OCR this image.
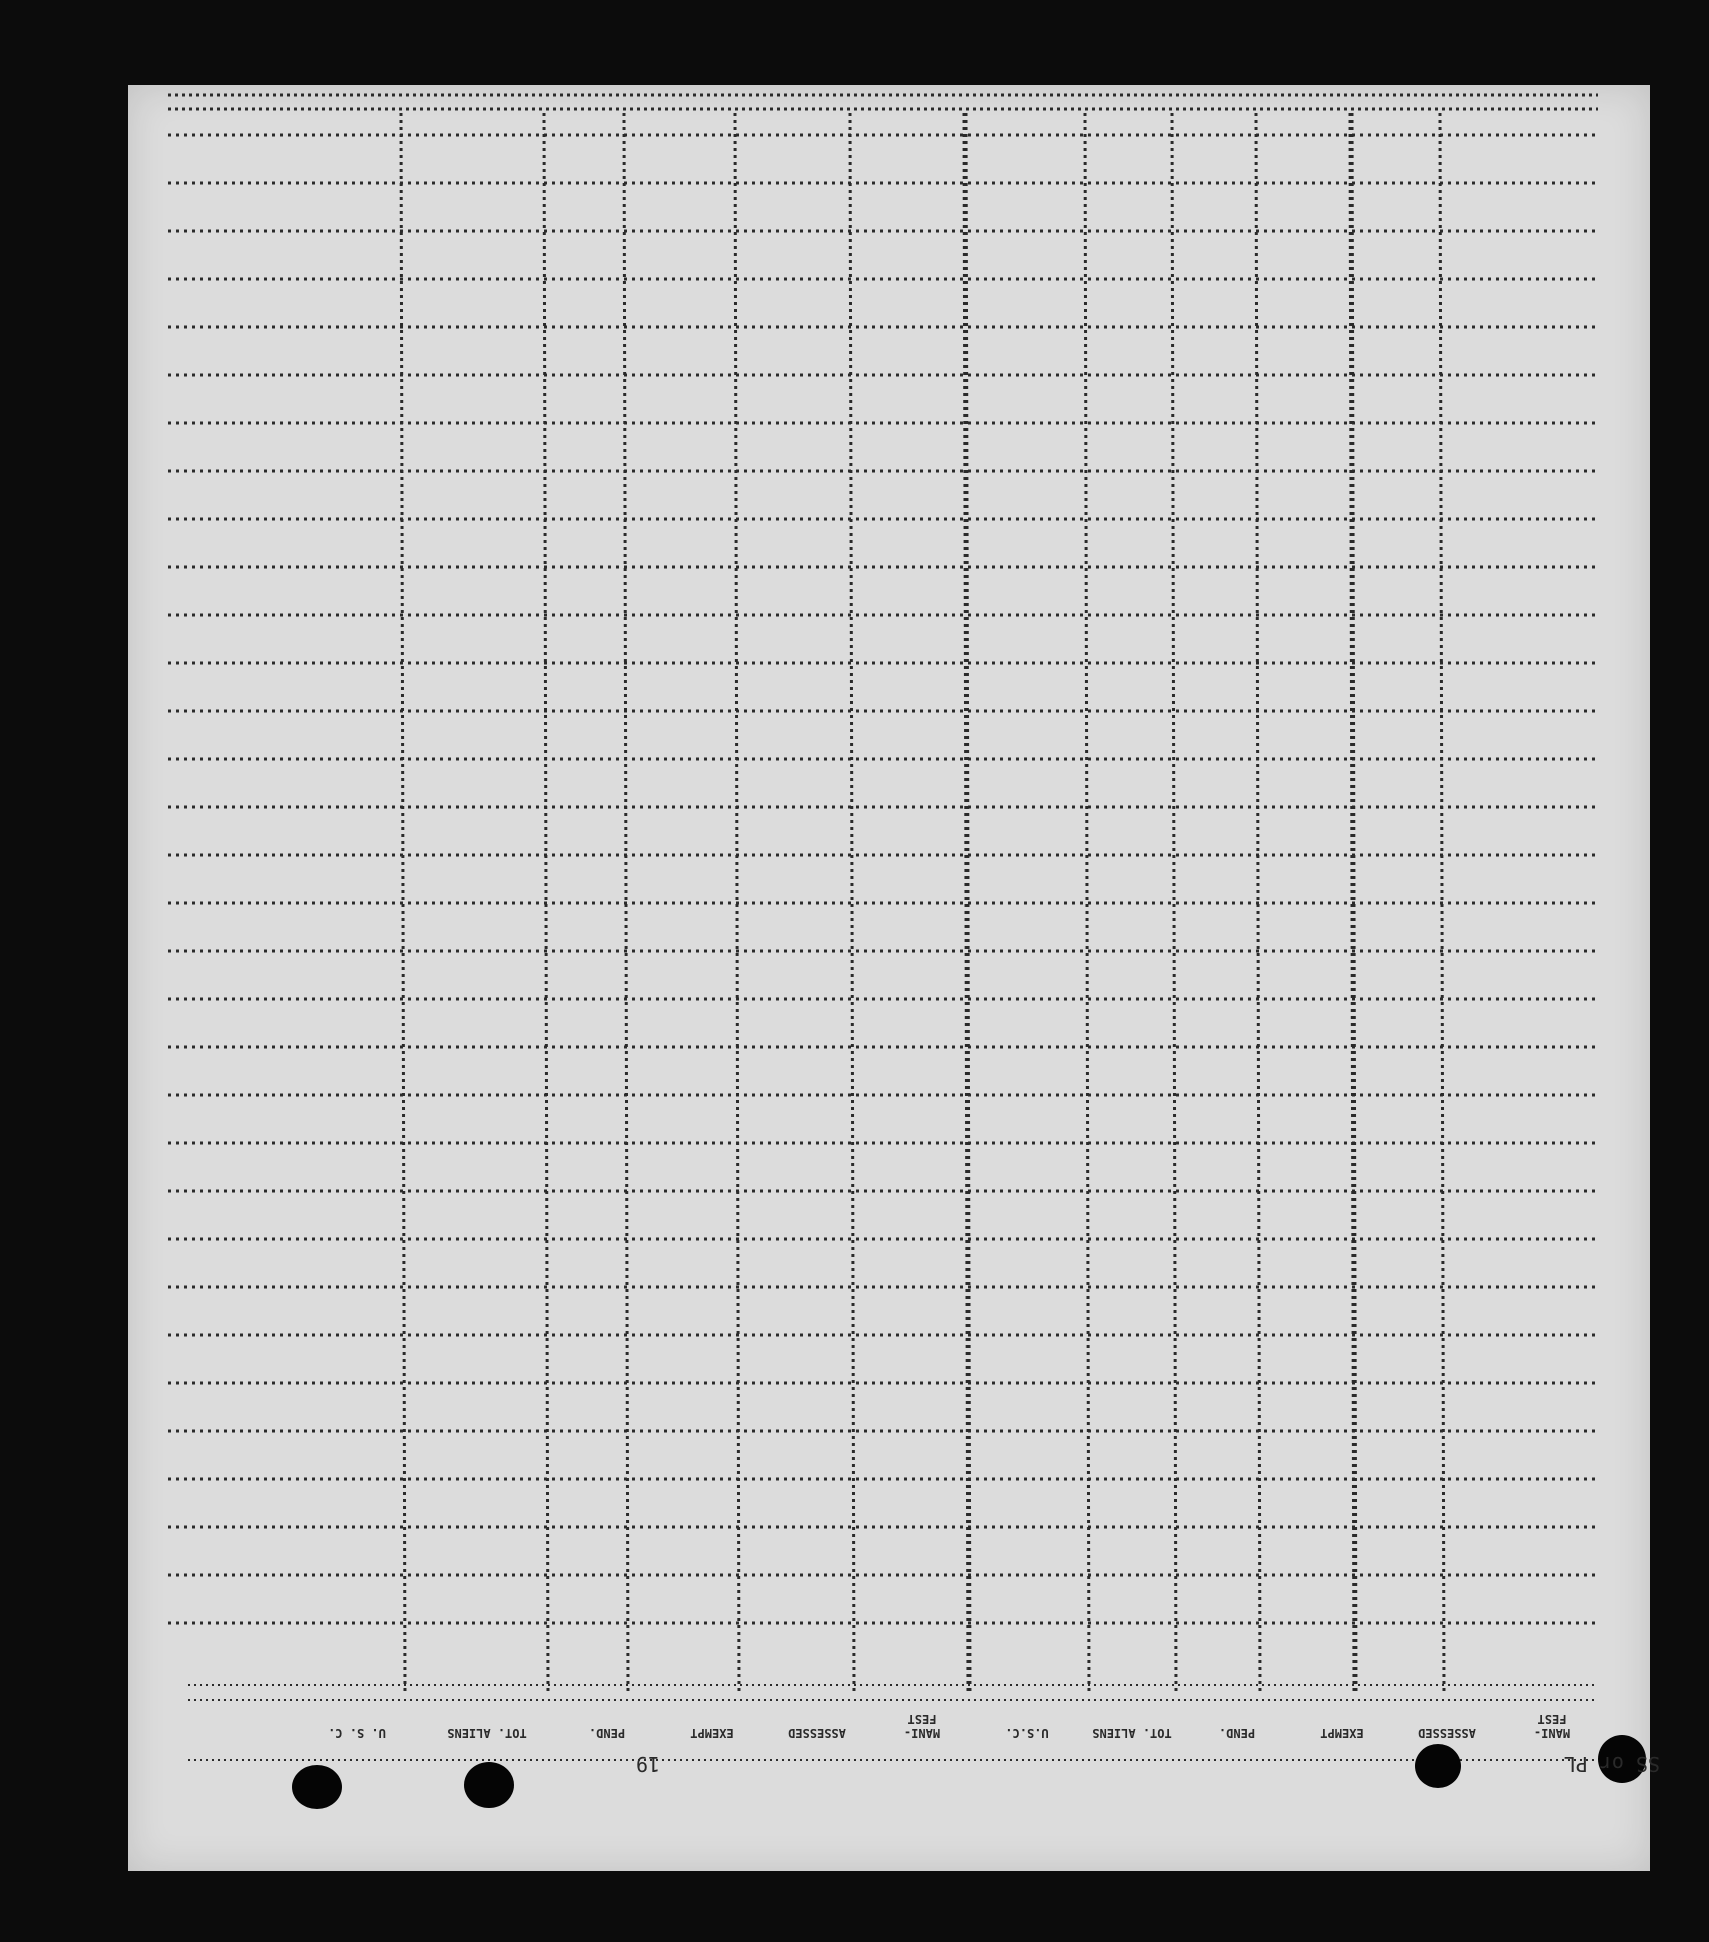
MANI-
FEST
ASSESSED
EXEMPT
PEND.
TOT. ALIENS
U.S.C.
MANI-
FEST
ASSESSED
EXEMPT
PEND.
TOT. ALIENS
U. S. C.
SS or PL
19
